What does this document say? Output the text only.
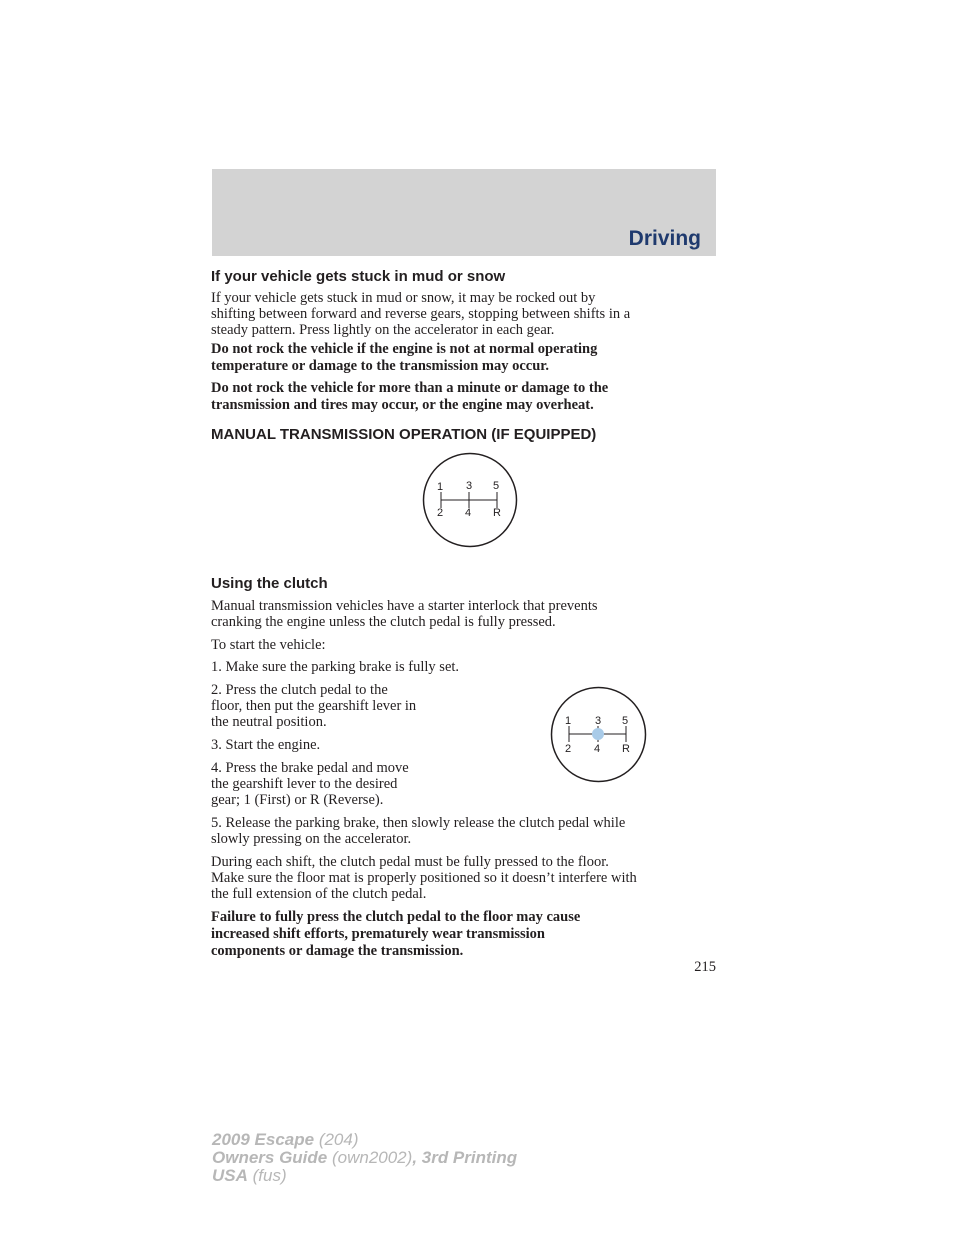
Driving
If your vehicle gets stuck in mud or snow
If your vehicle gets stuck in mud or snow, it may be rocked out by
shifting between forward and reverse gears, stopping between shifts in a
steady pattern. Press lightly on the accelerator in each gear.
Do not rock the vehicle if the engine is not at normal operating
temperature or damage to the transmission may occur.
Do not rock the vehicle for more than a minute or damage to the
transmission and tires may occur, or the engine may overheat.
MANUAL TRANSMISSION OPERATION (IF EQUIPPED)
1 3 5
2 4 R
Using the clutch
Manual transmission vehicles have a starter interlock that prevents
cranking the engine unless the clutch pedal is fully pressed.
To start the vehicle:
1. Make sure the parking brake is fully set.
2. Press the clutch pedal to the
floor, then put the gearshift lever in
the neutral position.
3. Start the engine.
4. Press the brake pedal and move
the gearshift lever to the desired
gear; 1 (First) or R (Reverse).
1 3 5
2 4 R
5. Release the parking brake, then slowly release the clutch pedal while
slowly pressing on the accelerator.
During each shift, the clutch pedal must be fully pressed to the floor.
Make sure the floor mat is properly positioned so it doesn’t interfere with
the full extension of the clutch pedal.
Failure to fully press the clutch pedal to the floor may cause
increased shift efforts, prematurely wear transmission
components or damage the transmission.
215
2009 Escape (204)
Owners Guide (own2002), 3rd Printing
USA (fus)
